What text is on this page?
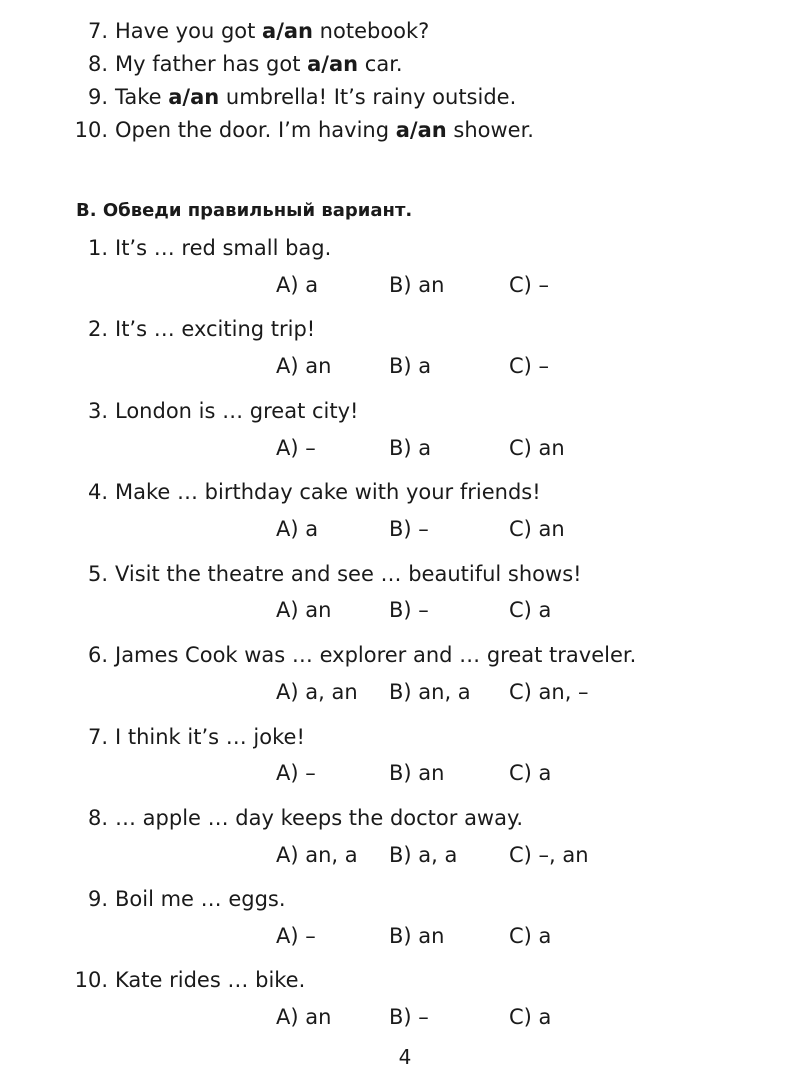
7. Have you got a/an notebook?
8. My father has got a/an car.
9. Take a/an umbrella! It’s rainy outside.
10. Open the door. I’m having a/an shower.
B. Обведи правильный вариант.
1. It’s … red small bag.
A) a	B) an	C) –
2. It’s … exciting trip!
A) an	B) a	C) –
3. London is … great city!
A) –	B) a	C) an
4. Make … birthday cake with your friends!
A) a	B) –	C) an
5. Visit the theatre and see … beautiful shows!
A) an	B) –	C) a
6. James Cook was … explorer and … great traveler.
A) a, an B) an, a C) an, –
7. I think it’s … joke!
A) –	B) an	C) a
8. … apple … day keeps the doctor away.
A) an, a B) a, a C) –, an
9. Boil me … eggs.
A) –	B) an	C) a
10. Kate rides … bike.
A) an	B) –	C) a
4
